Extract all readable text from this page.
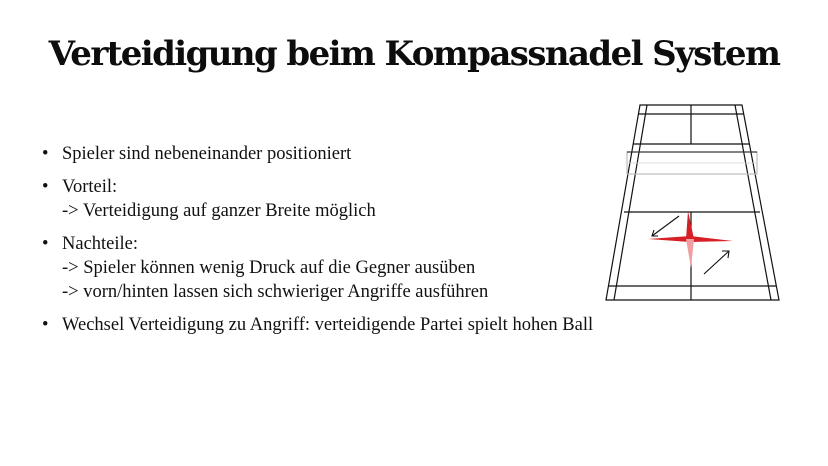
Verteidigung beim Kompassnadel System
• Spieler sind nebeneinander positioniert
• Vorteil:
-> Verteidigung auf ganzer Breite möglich
• Nachteile:
-> Spieler können wenig Druck auf die Gegner ausüben
-> vorn/hinten lassen sich schwieriger Angriffe ausführen
• Wechsel Verteidigung zu Angriff: verteidigende Partei spielt hohen Ball
